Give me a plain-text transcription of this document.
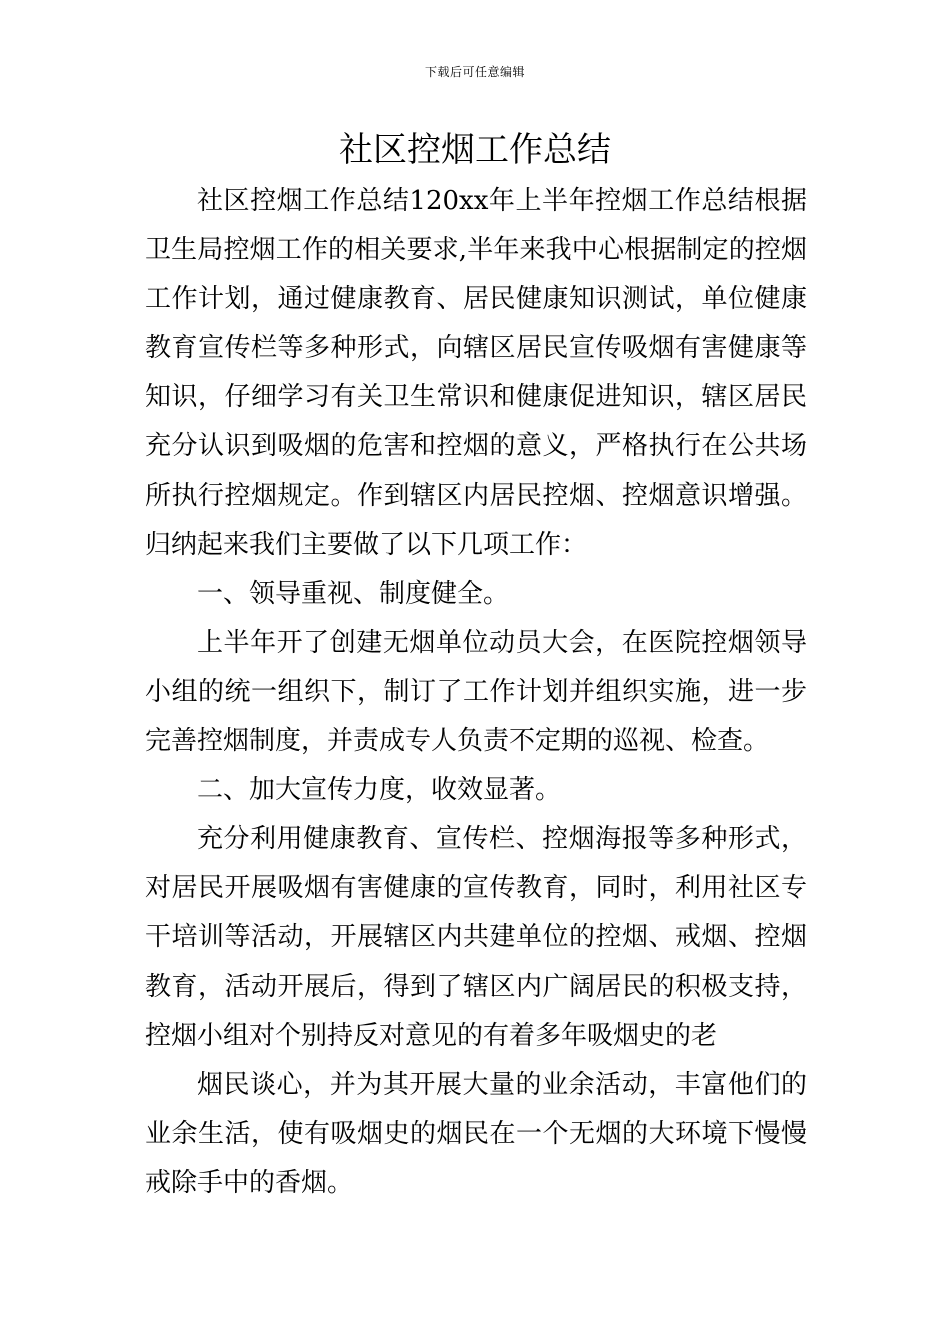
下载后可任意编辑
社区控烟工作总结

社区控烟工作总结120xx年上半年控烟工作总结根据卫生局控烟工作的相关要求,半年来我中心根据制定的控烟工作计划，通过健康教育、居民健康知识测试，单位健康教育宣传栏等多种形式，向辖区居民宣传吸烟有害健康等知识，仔细学习有关卫生常识和健康促进知识，辖区居民充分认识到吸烟的危害和控烟的意义，严格执行在公共场所执行控烟规定。作到辖区内居民控烟、控烟意识增强。归纳起来我们主要做了以下几项工作：

一、领导重视、制度健全。

上半年开了创建无烟单位动员大会，在医院控烟领导小组的统一组织下，制订了工作计划并组织实施，进一步完善控烟制度，并责成专人负责不定期的巡视、检查。

二、加大宣传力度，收效显著。

充分利用健康教育、宣传栏、控烟海报等多种形式，对居民开展吸烟有害健康的宣传教育，同时，利用社区专干培训等活动，开展辖区内共建单位的控烟、戒烟、控烟教育，活动开展后，得到了辖区内广阔居民的积极支持，控烟小组对个别持反对意见的有着多年吸烟史的老

烟民谈心，并为其开展大量的业余活动，丰富他们的业余生活，使有吸烟史的烟民在一个无烟的大环境下慢慢戒除手中的香烟。
